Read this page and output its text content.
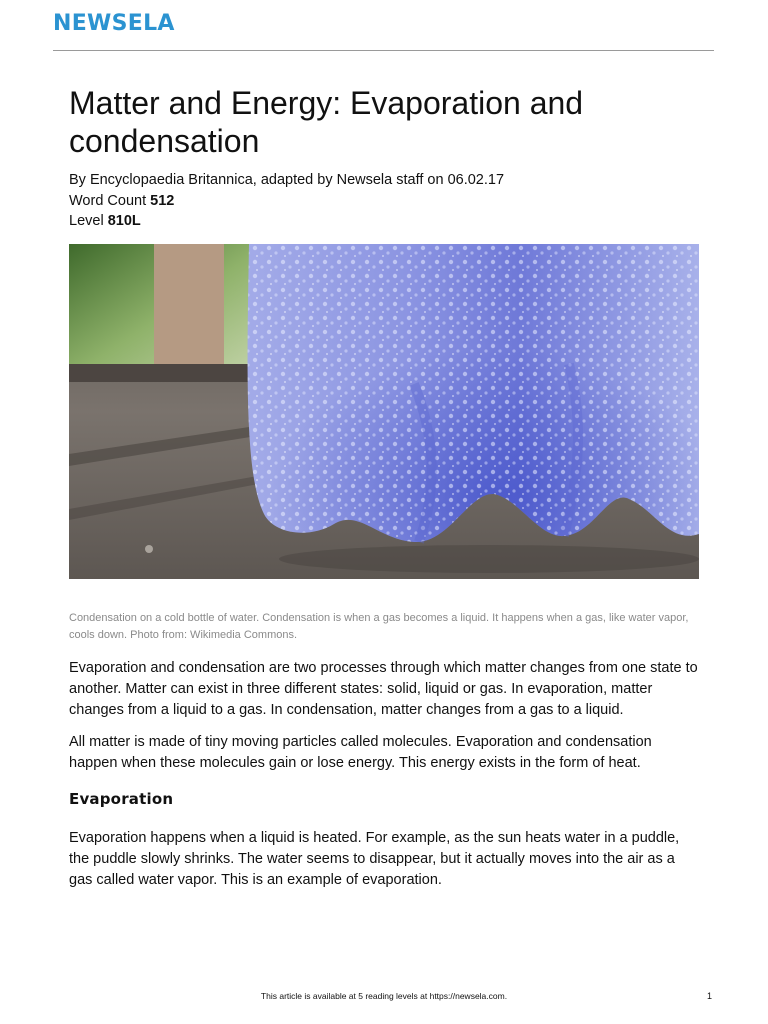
NEWSELA
Matter and Energy: Evaporation and condensation
By Encyclopaedia Britannica, adapted by Newsela staff on 06.02.17
Word Count 512
Level 810L
Condensation on a cold bottle of water. Condensation is when a gas becomes a liquid. It happens when a gas, like water vapor, cools down. Photo from: Wikimedia Commons.

Evaporation and condensation are two processes through which matter changes from one state to another. Matter can exist in three different states: solid, liquid or gas. In evaporation, matter changes from a liquid to a gas. In condensation, matter changes from a gas to a liquid.

All matter is made of tiny moving particles called molecules. Evaporation and condensation happen when these molecules gain or lose energy. This energy exists in the form of heat.

Evaporation

Evaporation happens when a liquid is heated. For example, as the sun heats water in a puddle, the puddle slowly shrinks. The water seems to disappear, but it actually moves into the air as a gas called water vapor. This is an example of evaporation.

This article is available at 5 reading levels at https://newsela.com.	1
